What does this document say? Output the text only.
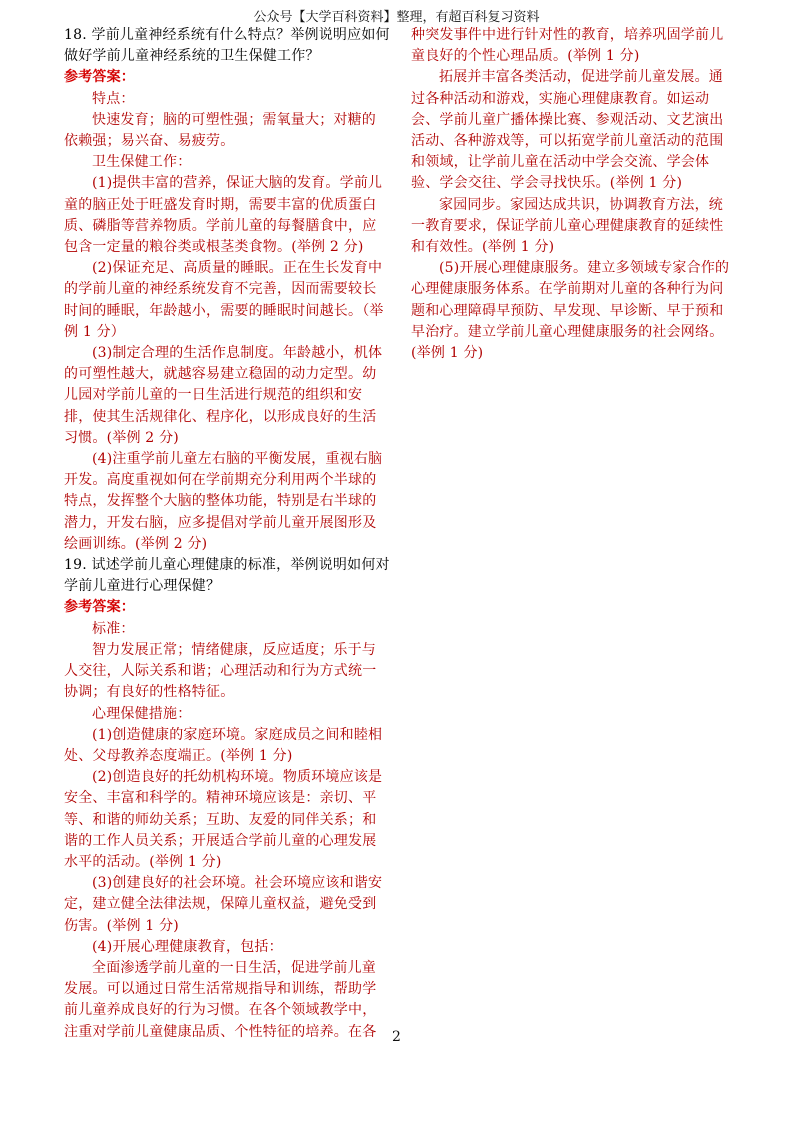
公众号【大学百科资料】整理，有超百科复习资料

18. 学前儿童神经系统有什么特点？举例说明应如何做好学前儿童神经系统的卫生保健工作？

参考答案：

特点：

快速发育；脑的可塑性强；需氧量大；对糖的依赖强；易兴奋、易疲劳。

卫生保健工作：

(1)提供丰富的营养，保证大脑的发育。学前儿童的脑正处于旺盛发育时期，需要丰富的优质蛋白质、磷脂等营养物质。学前儿童的每餐膳食中，应包含一定量的粮谷类或根茎类食物。(举例 2 分)

(2)保证充足、高质量的睡眠。正在生长发育中的学前儿童的神经系统发育不完善，因而需要较长时间的睡眠，年龄越小，需要的睡眠时间越长。（举例 1 分）

(3)制定合理的生活作息制度。年龄越小，机体的可塑性越大，就越容易建立稳固的动力定型。幼儿园对学前儿童的一日生活进行规范的组织和安排，使其生活规律化、程序化，以形成良好的生活习惯。(举例 2 分)

(4)注重学前儿童左右脑的平衡发展，重视右脑开发。高度重视如何在学前期充分利用两个半球的特点，发挥整个大脑的整体功能，特别是右半球的潜力，开发右脑，应多提倡对学前儿童开展图形及绘画训练。(举例 2 分)

19. 试述学前儿童心理健康的标准，举例说明如何对学前儿童进行心理保健？

参考答案：

标准：

智力发展正常；情绪健康，反应适度；乐于与人交往，人际关系和谐；心理活动和行为方式统一协调；有良好的性格特征。

心理保健措施：

(1)创造健康的家庭环境。家庭成员之间和睦相处、父母教养态度端正。(举例 1 分)

(2)创造良好的托幼机构环境。物质环境应该是安全、丰富和科学的。精神环境应该是：亲切、平等、和谐的师幼关系；互助、友爱的同伴关系；和谐的工作人员关系；开展适合学前儿童的心理发展水平的活动。(举例 1 分)

(3)创建良好的社会环境。社会环境应该和谐安定，建立健全法律法规，保障儿童权益，避免受到伤害。(举例 1 分)

(4)开展心理健康教育，包括：

全面渗透学前儿童的一日生活，促进学前儿童发展。可以通过日常生活常规指导和训练，帮助学前儿童养成良好的行为习惯。在各个领域教学中，注重对学前儿童健康品质、个性特征的培养。在各

种突发事件中进行针对性的教育，培养巩固学前儿童良好的个性心理品质。(举例 1 分)

拓展并丰富各类活动，促进学前儿童发展。通过各种活动和游戏，实施心理健康教育。如运动会、学前儿童广播体操比赛、参观活动、文艺演出活动、各种游戏等，可以拓宽学前儿童活动的范围和领域，让学前儿童在活动中学会交流、学会体验、学会交往、学会寻找快乐。(举例 1 分)

家园同步。家园达成共识，协调教育方法，统一教育要求，保证学前儿童心理健康教育的延续性和有效性。(举例 1 分)

(5)开展心理健康服务。建立多领域专家合作的心理健康服务体系。在学前期对儿童的各种行为问题和心理障碍早预防、早发现、早诊断、早于预和早治疗。建立学前儿童心理健康服务的社会网络。(举例 1 分)

2
